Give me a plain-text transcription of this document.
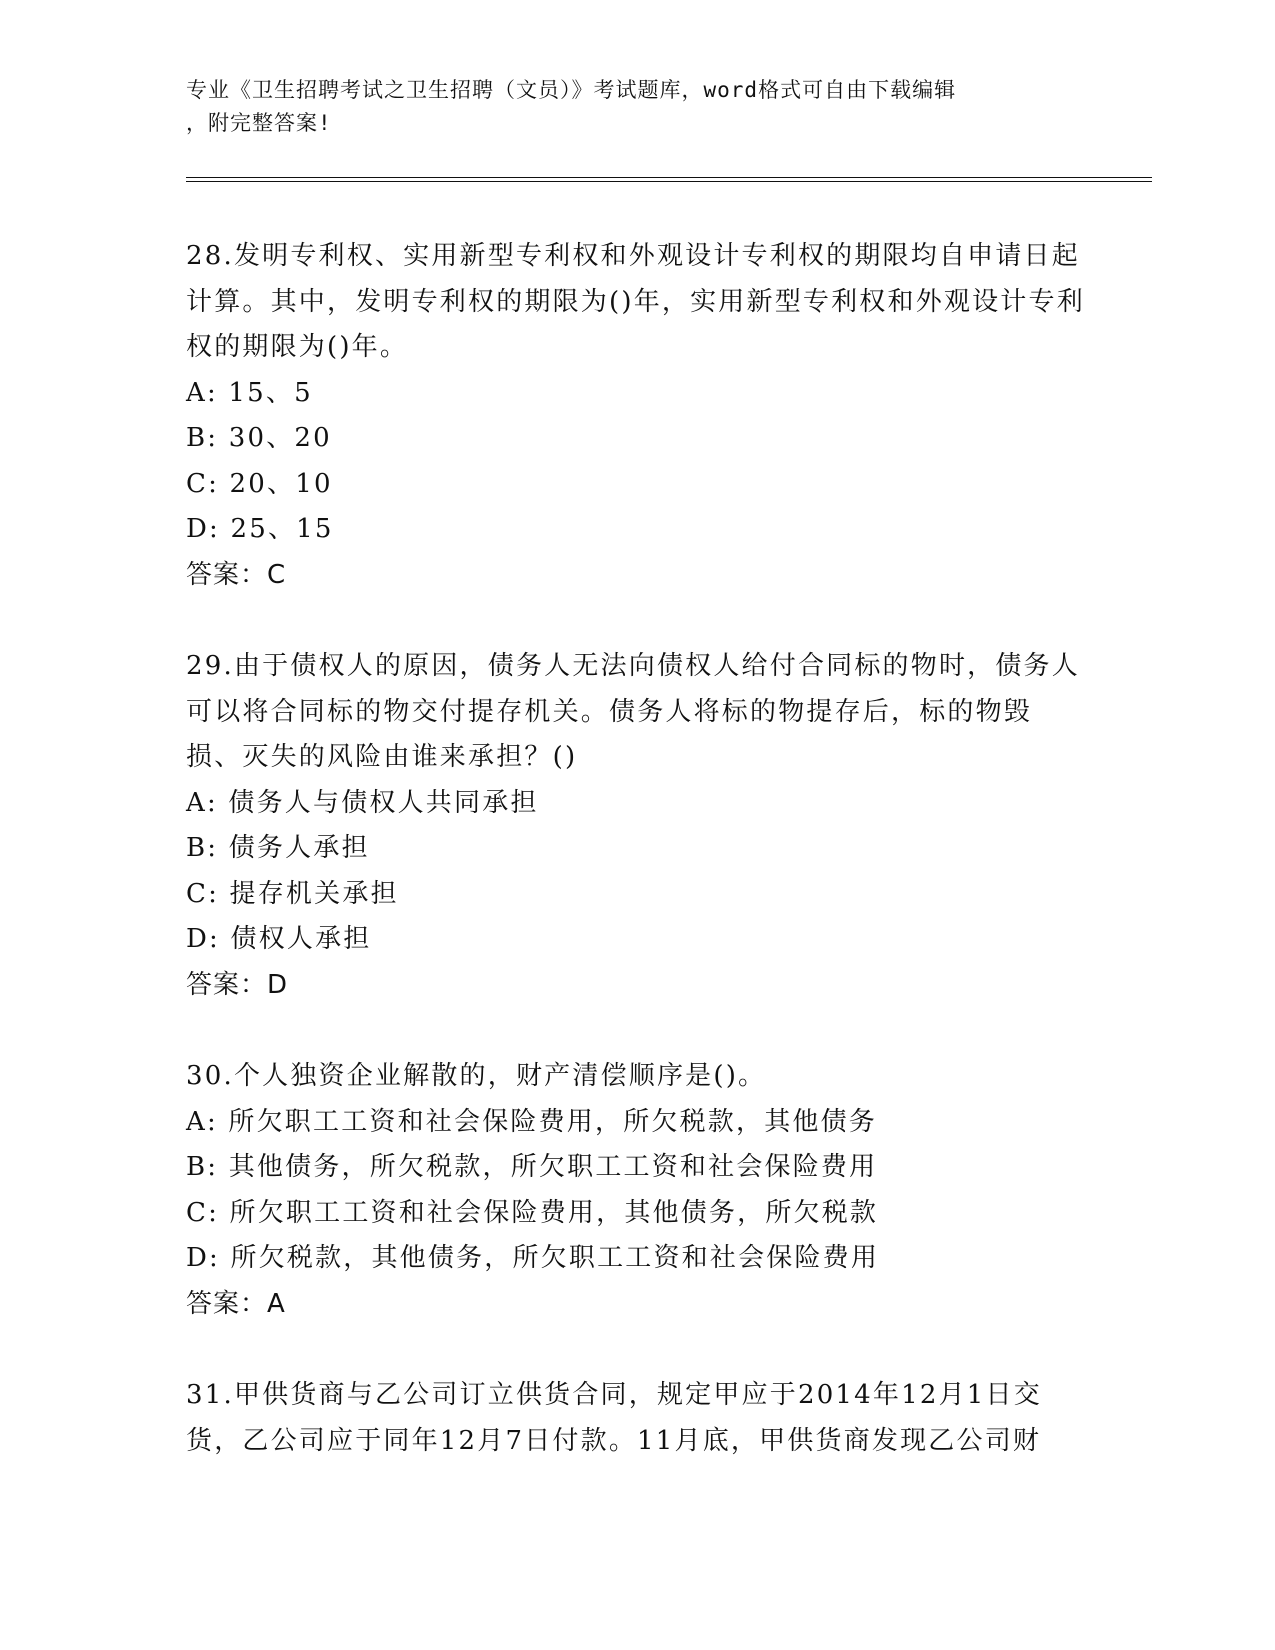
专业《卫生招聘考试之卫生招聘（文员）》考试题库，word格式可自由下载编辑
，附完整答案!
28.发明专利权、实用新型专利权和外观设计专利权的期限均自申请日起计算。其中，发明专利权的期限为()年，实用新型专利权和外观设计专利权的期限为()年。
A: 15、5
B: 30、20
C: 20、10
D: 25、15
答案：C
29.由于债权人的原因，债务人无法向债权人给付合同标的物时，债务人可以将合同标的物交付提存机关。债务人将标的物提存后，标的物毁损、灭失的风险由谁来承担？()
A: 债务人与债权人共同承担
B: 债务人承担
C: 提存机关承担
D: 债权人承担
答案：D
30.个人独资企业解散的，财产清偿顺序是()。
A: 所欠职工工资和社会保险费用，所欠税款，其他债务
B: 其他债务，所欠税款，所欠职工工资和社会保险费用
C: 所欠职工工资和社会保险费用，其他债务，所欠税款
D: 所欠税款，其他债务，所欠职工工资和社会保险费用
答案：A
31.甲供货商与乙公司订立供货合同，规定甲应于2014年12月1日交货，乙公司应于同年12月7日付款。11月底，甲供货商发现乙公司财
